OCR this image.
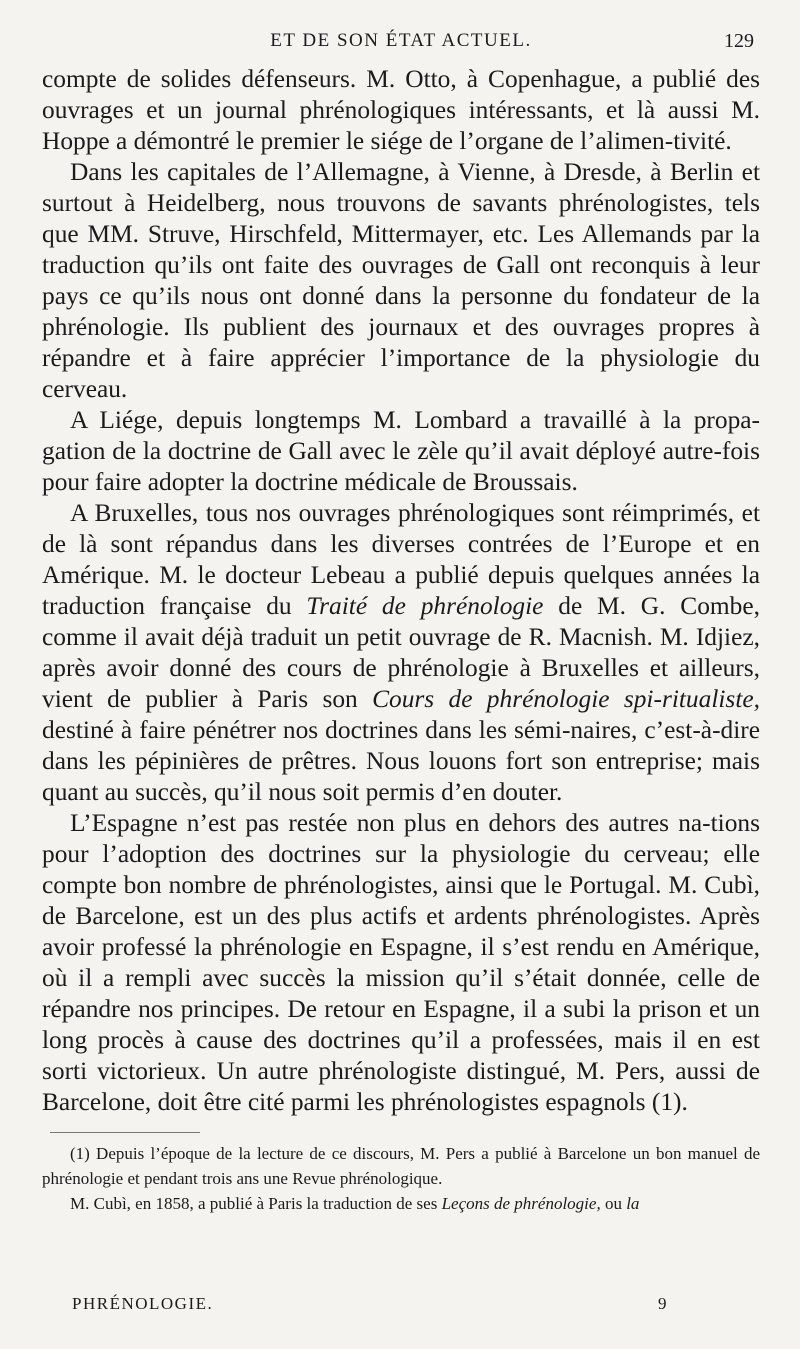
ET DE SON ÉTAT ACTUEL.	129

compte de solides défenseurs. M. Otto, à Copenhague, a publié des ouvrages et un journal phrénologiques intéressants, et là aussi M. Hoppe a démontré le premier le siége de l’organe de l’alimen-tivité.

Dans les capitales de l’Allemagne, à Vienne, à Dresde, à Berlin et surtout à Heidelberg, nous trouvons de savants phrénologistes, tels que MM. Struve, Hirschfeld, Mittermayer, etc. Les Allemands par la traduction qu’ils ont faite des ouvrages de Gall ont reconquis à leur pays ce qu’ils nous ont donné dans la personne du fondateur de la phrénologie. Ils publient des journaux et des ouvrages propres à répandre et à faire apprécier l’importance de la physiologie du cerveau.

A Liége, depuis longtemps M. Lombard a travaillé à la propa-gation de la doctrine de Gall avec le zèle qu’il avait déployé autre-fois pour faire adopter la doctrine médicale de Broussais.

A Bruxelles, tous nos ouvrages phrénologiques sont réimprimés, et de là sont répandus dans les diverses contrées de l’Europe et en Amérique. M. le docteur Lebeau a publié depuis quelques années la traduction française du Traité de phrénologie de M. G. Combe, comme il avait déjà traduit un petit ouvrage de R. Macnish. M. Idjiez, après avoir donné des cours de phrénologie à Bruxelles et ailleurs, vient de publier à Paris son Cours de phrénologie spi-ritualiste, destiné à faire pénétrer nos doctrines dans les sémi-naires, c’est-à-dire dans les pépinières de prêtres. Nous louons fort son entreprise; mais quant au succès, qu’il nous soit permis d’en douter.

L’Espagne n’est pas restée non plus en dehors des autres na-tions pour l’adoption des doctrines sur la physiologie du cerveau; elle compte bon nombre de phrénologistes, ainsi que le Portugal. M. Cubì, de Barcelone, est un des plus actifs et ardents phrénologistes. Après avoir professé la phrénologie en Espagne, il s’est rendu en Amérique, où il a rempli avec succès la mission qu’il s’était donnée, celle de répandre nos principes. De retour en Espagne, il a subi la prison et un long procès à cause des doctrines qu’il a professées, mais il en est sorti victorieux. Un autre phrénologiste distingué, M. Pers, aussi de Barcelone, doit être cité parmi les phrénologistes espagnols (1).

(1) Depuis l’époque de la lecture de ce discours, M. Pers a publié à Barcelone un bon manuel de phrénologie et pendant trois ans une Revue phrénologique.

M. Cubì, en 1858, a publié à Paris la traduction de ses Leçons de phrénologie, ou la

PHRÉNOLOGIE.	9
